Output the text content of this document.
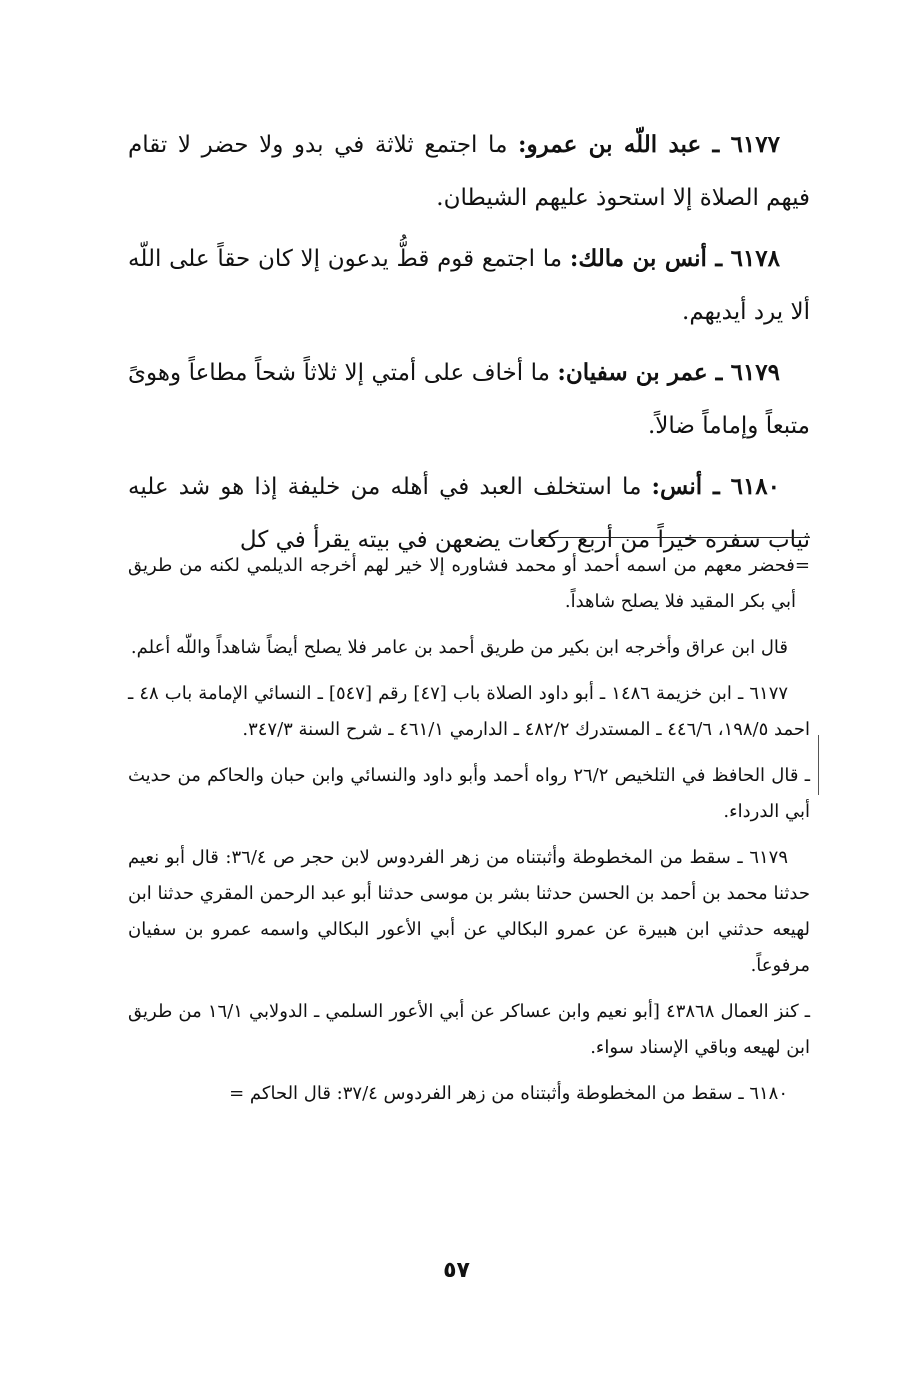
٦١٧٧ ـ عبد اللّه بن عمرو: ما اجتمع ثلاثة في بدو ولا حضر لا تقام فيهم الصلاة إلا استحوذ عليهم الشيطان.

٦١٧٨ ـ أنس بن مالك: ما اجتمع قوم قطُّ يدعون إلا كان حقاً على اللّه ألا يرد أيديهم.

٦١٧٩ ـ عمر بن سفيان: ما أخاف على أمتي إلا ثلاثاً شحاً مطاعاً وهوىً متبعاً وإماماً ضالاً.

٦١٨٠ ـ أنس: ما استخلف العبد في أهله من خليفة إذا هو شد عليه ثياب سفره خيراً من أربع ركعات يضعهن في بيته يقرأ في كل

=فحضر معهم من اسمه أحمد أو محمد فشاوره إلا خير لهم أخرجه الديلمي لكنه من طريق أبي بكر المقيد فلا يصلح شاهداً.

قال ابن عراق وأخرجه ابن بكير من طريق أحمد بن عامر فلا يصلح أيضاً شاهداً واللّه أعلم.

٦١٧٧ ـ ابن خزيمة ١٤٨٦ ـ أبو داود الصلاة باب [٤٧] رقم [٥٤٧] ـ النسائي الإمامة باب ٤٨ ـ احمد ١٩٨/٥، ٤٤٦/٦ ـ المستدرك ٤٨٢/٢ ـ الدارمي ٤٦١/١ ـ شرح السنة ٣٤٧/٣.

ـ قال الحافظ في التلخيص ٢٦/٢ رواه أحمد وأبو داود والنسائي وابن حبان والحاكم من حديث أبي الدرداء.

٦١٧٩ ـ سقط من المخطوطة وأثبتناه من زهر الفردوس لابن حجر ص ٣٦/٤: قال أبو نعيم حدثنا محمد بن أحمد بن الحسن حدثنا بشر بن موسى حدثنا أبو عبد الرحمن المقري حدثنا ابن لهيعه حدثني ابن هبيرة عن عمرو البكالي عن أبي الأعور البكالي واسمه عمرو بن سفيان مرفوعاً.

ـ كنز العمال ٤٣٨٦٨ [أبو نعيم وابن عساكر عن أبي الأعور السلمي ـ الدولابي ١٦/١ من طريق ابن لهيعه وباقي الإسناد سواء.

٦١٨٠ ـ سقط من المخطوطة وأثبتناه من زهر الفردوس ٣٧/٤: قال الحاكم =

٥٧
